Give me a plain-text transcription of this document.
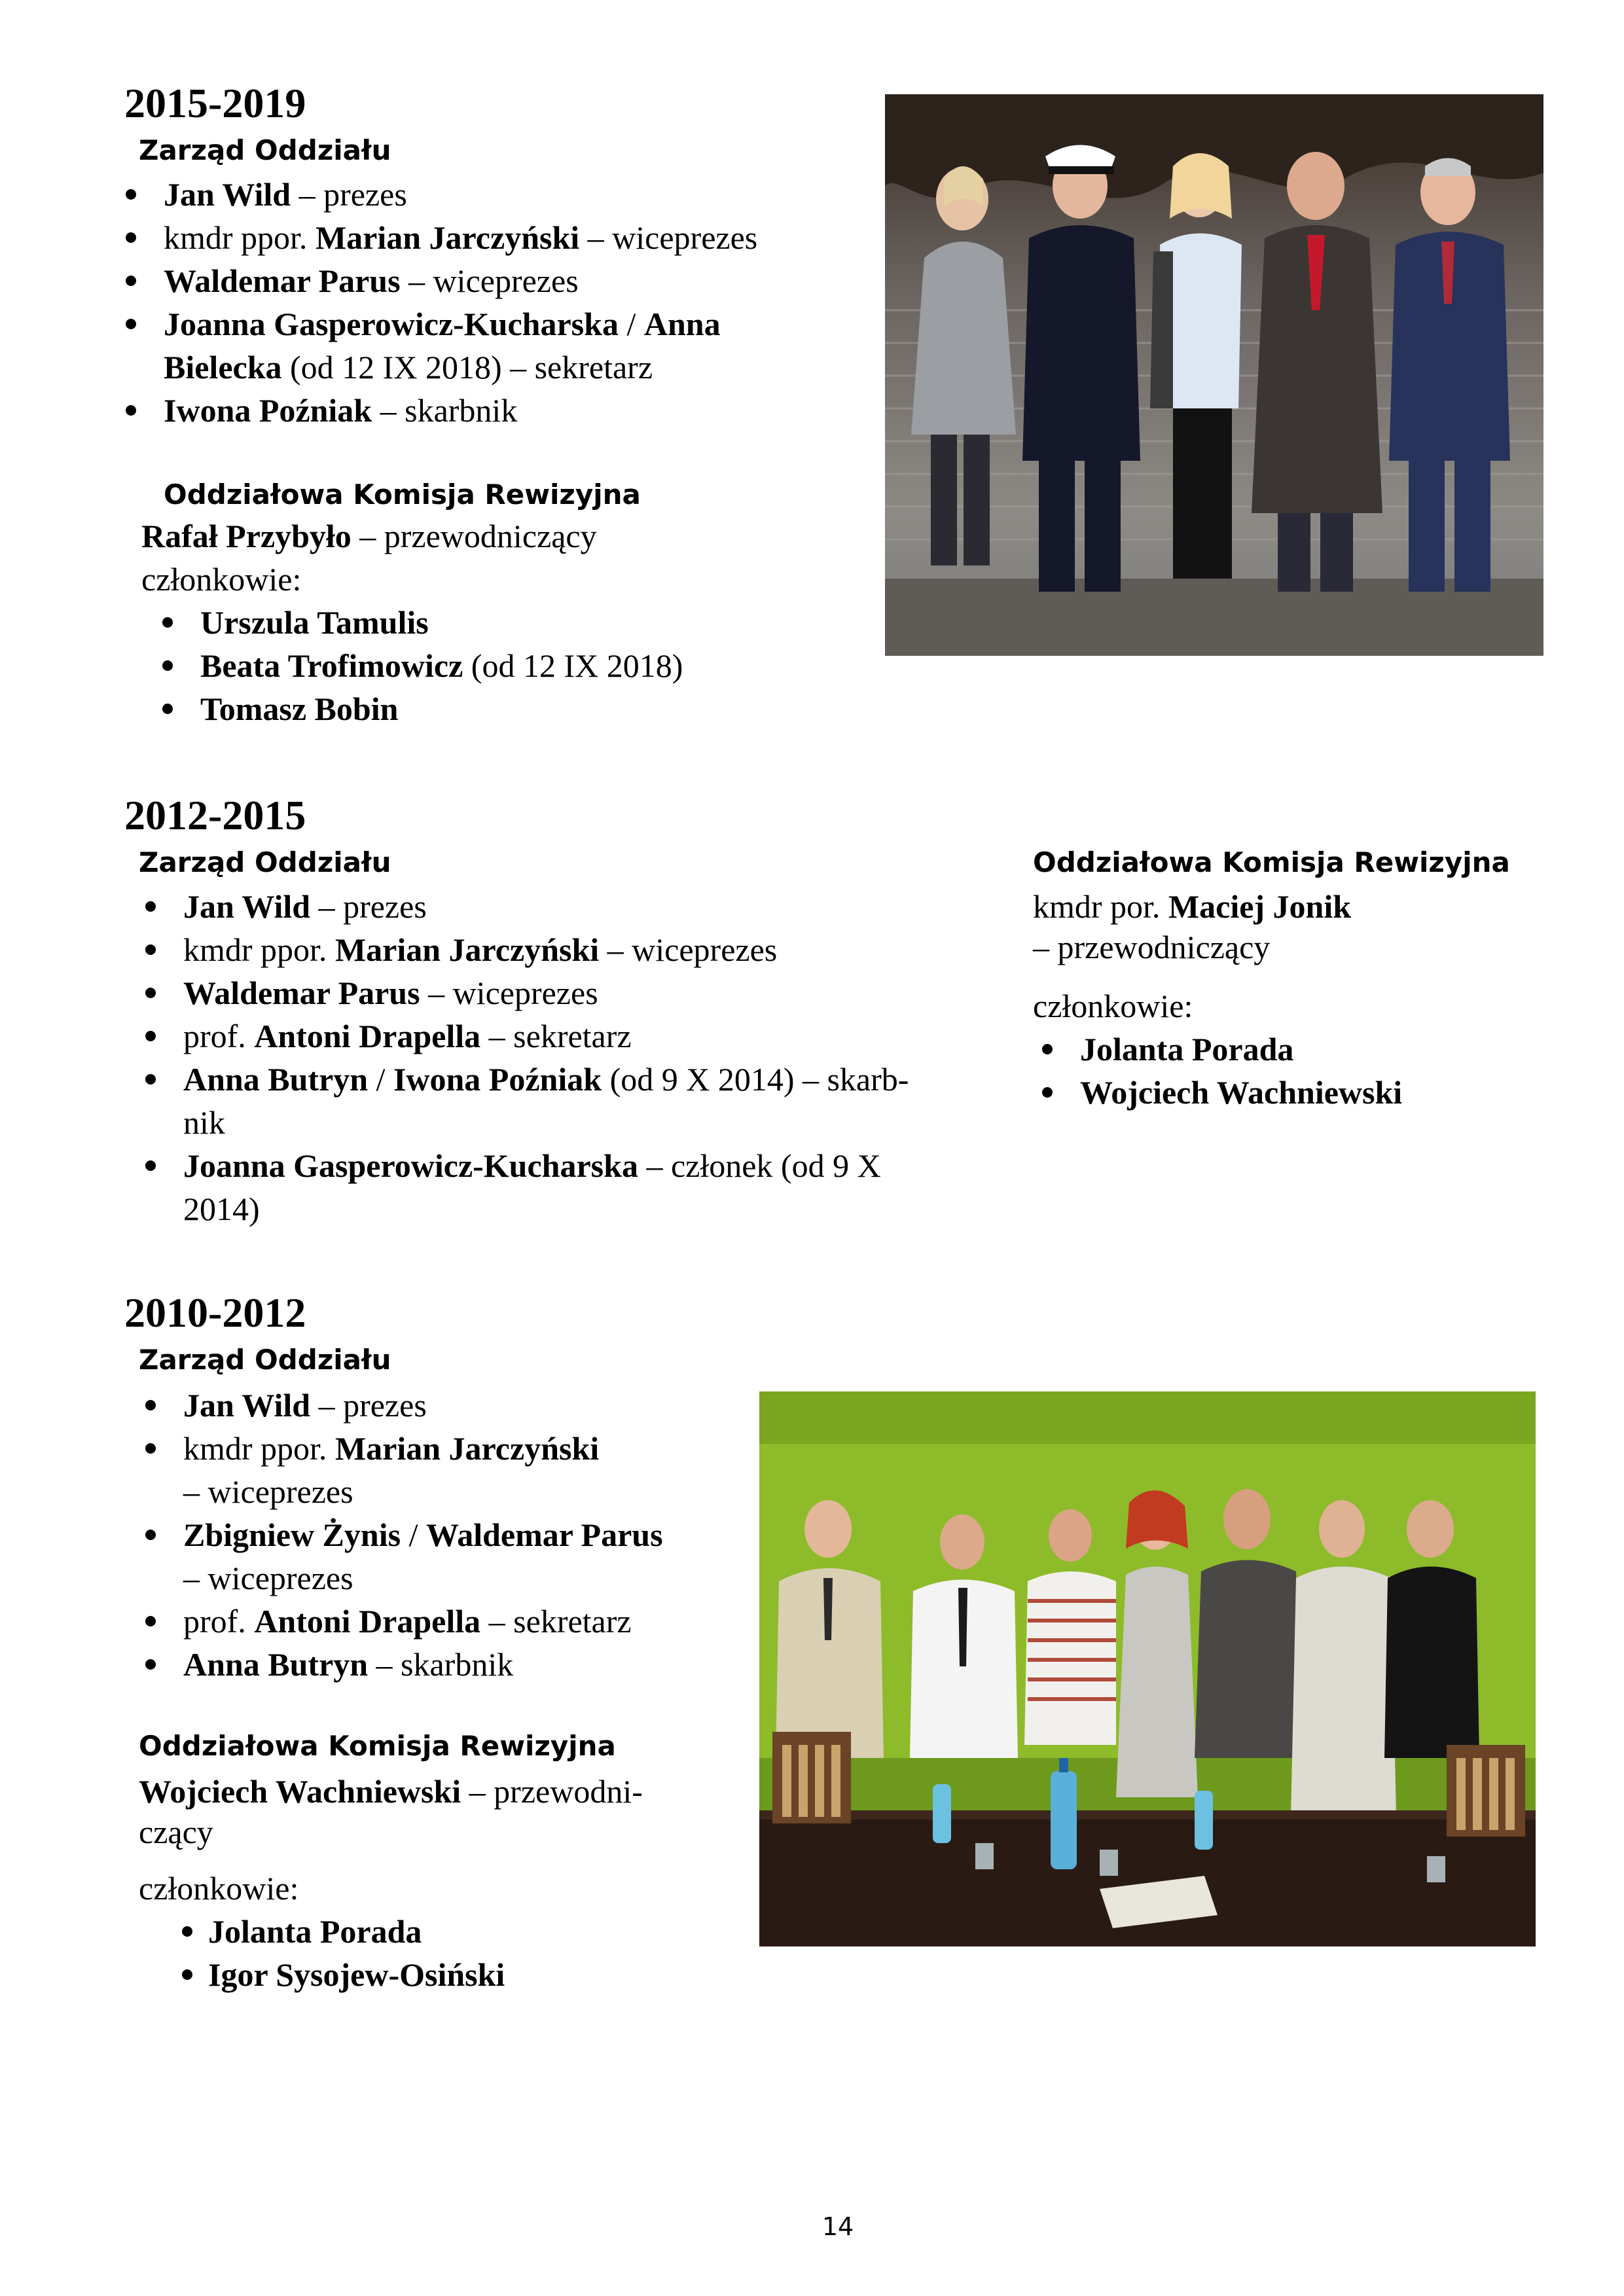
2015-2019
Zarząd Oddziału
Jan Wild – prezes
kmdr ppor. Marian Jarczyński – wiceprezes
Waldemar Parus – wiceprezes
Joanna Gasperowicz-Kucharska / Anna
Bielecka (od 12 IX 2018) – sekretarz
Iwona Poźniak – skarbnik
Oddziałowa Komisja Rewizyjna
Rafał Przybyło – przewodniczący
członkowie:
Urszula Tamulis
Beata Trofimowicz (od 12 IX 2018)
Tomasz Bobin
2012-2015
Zarząd Oddziału
Jan Wild – prezes
kmdr ppor. Marian Jarczyński – wiceprezes
Waldemar Parus – wiceprezes
prof. Antoni Drapella – sekretarz
Anna Butryn / Iwona Poźniak (od 9 X 2014) – skarb-
nik
Joanna Gasperowicz-Kucharska – członek (od 9 X
2014)
Oddziałowa Komisja Rewizyjna
kmdr por. Maciej Jonik
– przewodniczący
członkowie:
Jolanta Porada
Wojciech Wachniewski
2010-2012
Zarząd Oddziału
Jan Wild – prezes
kmdr ppor. Marian Jarczyński
– wiceprezes
Zbigniew Żynis / Waldemar Parus
– wiceprezes
prof. Antoni Drapella – sekretarz
Anna Butryn – skarbnik
Oddziałowa Komisja Rewizyjna
Wojciech Wachniewski – przewodni-
czący
członkowie:
Jolanta Porada
Igor Sysojew-Osiński
14
